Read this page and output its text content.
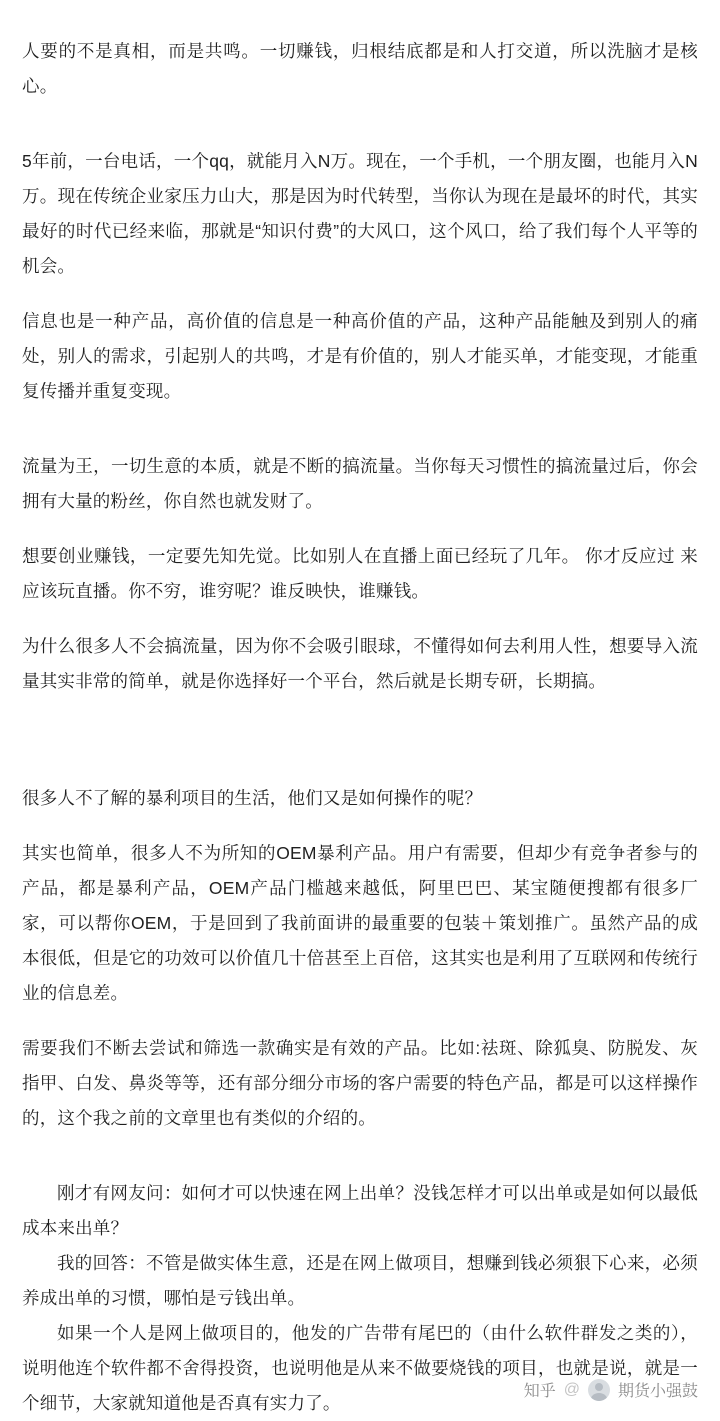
人要的不是真相，而是共鸣。一切赚钱，归根结底都是和人打交道，所以洗脑才是核心。

5年前，一台电话，一个qq，就能月入N万。现在，一个手机，一个朋友圈，也能月入N万。现在传统企业家压力山大，那是因为时代转型，当你认为现在是最坏的时代，其实最好的时代已经来临，那就是“知识付费”的大风口，这个风口，给了我们每个人平等的机会。

信息也是一种产品，高价值的信息是一种高价值的产品，这种产品能触及到别人的痛处，别人的需求，引起别人的共鸣，才是有价值的，别人才能买单，才能变现，才能重复传播并重复变现。

流量为王，一切生意的本质，就是不断的搞流量。当你每天习惯性的搞流量过后，你会拥有大量的粉丝，你自然也就发财了。

想要创业赚钱，一定要先知先觉。比如别人在直播上面已经玩了几年。 你才反应过 来应该玩直播。你不穷，谁穷呢？谁反映快，谁赚钱。

为什么很多人不会搞流量，因为你不会吸引眼球，不懂得如何去利用人性，想要导入流量其实非常的简单，就是你选择好一个平台，然后就是长期专研，长期搞。

很多人不了解的暴利项目的生活，他们又是如何操作的呢？

其实也简单，很多人不为所知的OEM暴利产品。用户有需要，但却少有竞争者参与的产品，都是暴利产品，OEM产品门槛越来越低，阿里巴巴、某宝随便搜都有很多厂家，可以帮你OEM，于是回到了我前面讲的最重要的包装＋策划推广。虽然产品的成本很低，但是它的功效可以价值几十倍甚至上百倍，这其实也是利用了互联网和传统行业的信息差。

需要我们不断去尝试和筛选一款确实是有效的产品。比如:祛斑、除狐臭、防脱发、灰指甲、白发、鼻炎等等，还有部分细分市场的客户需要的特色产品，都是可以这样操作的，这个我之前的文章里也有类似的介绍的。

刚才有网友问：如何才可以快速在网上出单？没钱怎样才可以出单或是如何以最低成本来出单？

我的回答：不管是做实体生意，还是在网上做项目，想赚到钱必须狠下心来，必须养成出单的习惯，哪怕是亏钱出单。

如果一个人是网上做项目的，他发的广告带有尾巴的（由什么软件群发之类的），说明他连个软件都不舍得投资，也说明他是从来不做要烧钱的项目，也就是说，就是一个细节，大家就知道他是否真有实力了。

知乎 @ 期货小强鼓
